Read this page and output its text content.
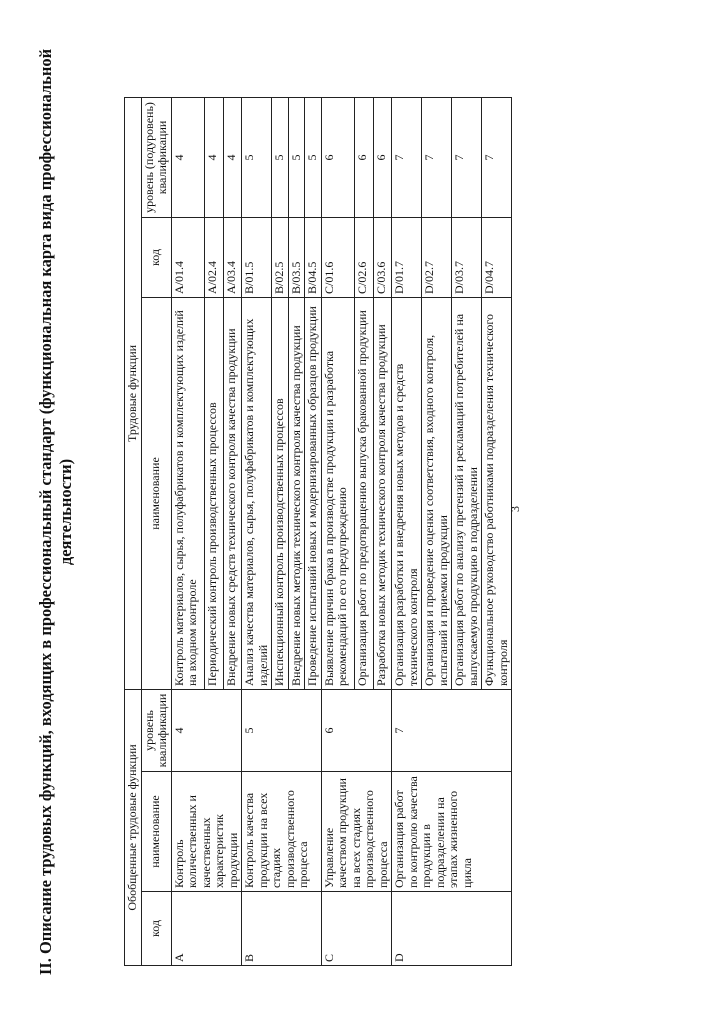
II. Описание трудовых функций, входящих в профессиональный стандарт (функциональная карта вида профессиональной деятельности)
Обобщенные трудовые функции			Трудовые функции		
код	наименование	уровень квалификации	наименование	код	уровень (подуровень) квалификации
A	Контроль количественных и качественных характеристик продукции	4	Контроль материалов, сырья, полуфабрикатов и комплектующих изделий на входном контроле	A/01.4	4
			Периодический контроль производственных процессов	A/02.4	4
			Внедрение новых средств технического контроля качества продукции	A/03.4	4
B	Контроль качества продукции на всех стадиях производственного процесса	5	Анализ качества материалов, сырья, полуфабрикатов и комплектующих изделий	B/01.5	5
			Инспекционный контроль производственных процессов	B/02.5	5
			Внедрение новых методик технического контроля качества продукции	B/03.5	5
			Проведение испытаний новых и модернизированных образцов продукции	B/04.5	5
C	Управление качеством продукции на всех стадиях производственного процесса	6	Выявление причин брака в производстве продукции и разработка рекомендаций по его предупреждению	C/01.6	6
			Организация работ по предотвращению выпуска бракованной продукции	C/02.6	6
			Разработка новых методик технического контроля качества продукции	C/03.6	6
D	Организация работ по контролю качества продукции в подразделении на этапах жизненного цикла	7	Организация разработки и внедрения новых методов и средств технического контроля	D/01.7	7
			Организация и проведение оценки соответствия, входного контроля, испытаний и приемки продукции	D/02.7	7
			Организация работ по анализу претензий и рекламаций потребителей на выпускаемую продукцию в подразделении	D/03.7	7
			Функциональное руководство работниками подразделения технического контроля	D/04.7	7
3
